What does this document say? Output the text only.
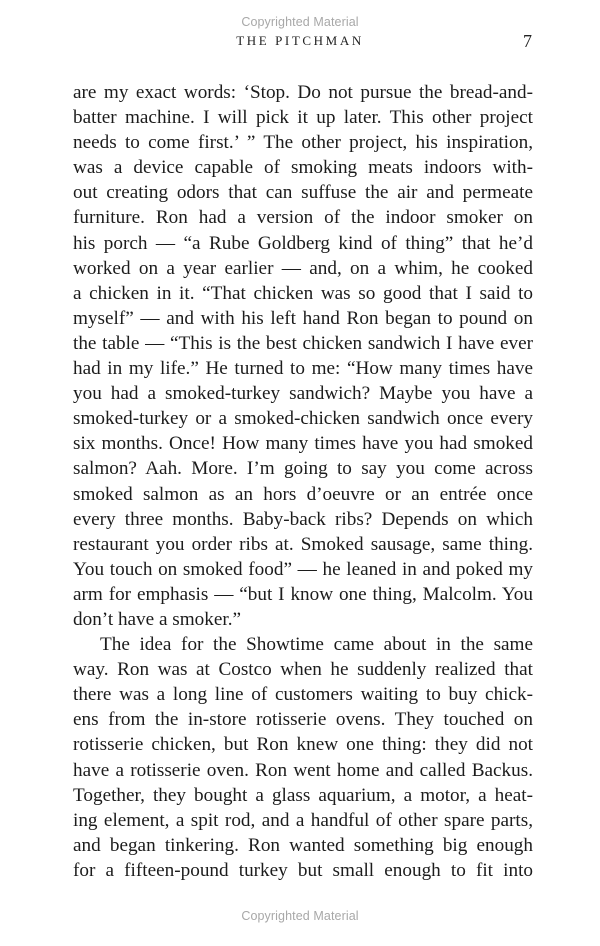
Copyrighted Material
THE PITCHMAN	7
are my exact words: ‘Stop. Do not pursue the bread-and-
batter machine. I will pick it up later. This other project
needs to come first.’ ” The other project, his inspiration,
was a device capable of smoking meats indoors with-
out creating odors that can suffuse the air and permeate
furniture. Ron had a version of the indoor smoker on
his porch — “a Rube Goldberg kind of thing” that he’d
worked on a year earlier — and, on a whim, he cooked
a chicken in it. “That chicken was so good that I said to
myself” — and with his left hand Ron began to pound on
the table — “This is the best chicken sandwich I have ever
had in my life.” He turned to me: “How many times have
you had a smoked-turkey sandwich? Maybe you have a
smoked-turkey or a smoked-chicken sandwich once every
six months. Once! How many times have you had smoked
salmon? Aah. More. I’m going to say you come across
smoked salmon as an hors d’oeuvre or an entrée once
every three months. Baby-back ribs? Depends on which
restaurant you order ribs at. Smoked sausage, same thing.
You touch on smoked food” — he leaned in and poked my
arm for emphasis — “but I know one thing, Malcolm. You
don’t have a smoker.”
The idea for the Showtime came about in the same
way. Ron was at Costco when he suddenly realized that
there was a long line of customers waiting to buy chick-
ens from the in-store rotisserie ovens. They touched on
rotisserie chicken, but Ron knew one thing: they did not
have a rotisserie oven. Ron went home and called Backus.
Together, they bought a glass aquarium, a motor, a heat-
ing element, a spit rod, and a handful of other spare parts,
and began tinkering. Ron wanted something big enough
for a fifteen-pound turkey but small enough to fit into
Copyrighted Material
